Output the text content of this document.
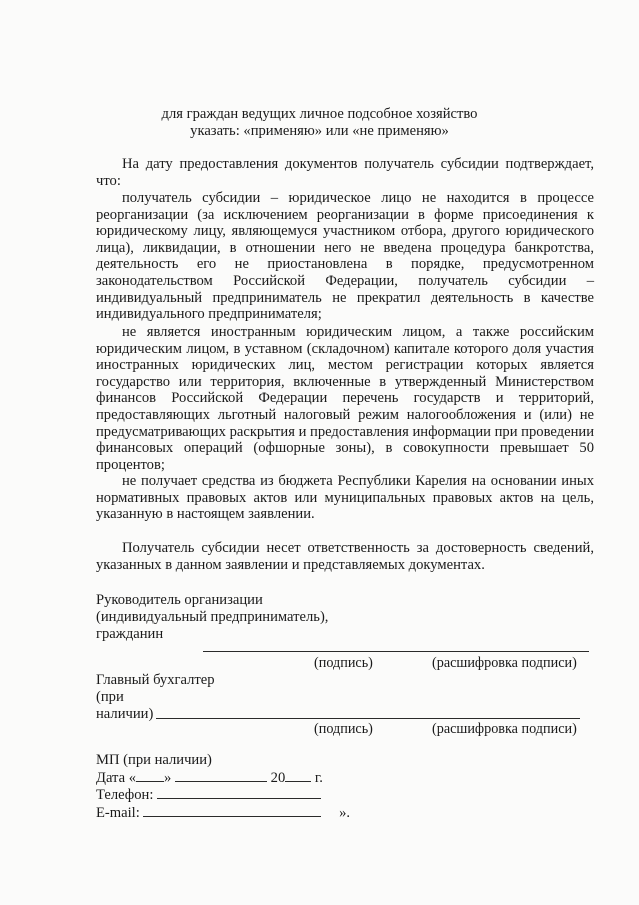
для граждан ведущих личное подсобное хозяйство
указать: «применяю» или «не применяю»
На дату предоставления документов получатель субсидии подтверждает, что:
получатель субсидии – юридическое лицо не находится в процессе реорганизации (за исключением реорганизации в форме присоединения к юридическому лицу, являющемуся участником отбора, другого юридического лица), ликвидации, в отношении него не введена процедура банкротства, деятельность его не приостановлена в порядке, предусмотренном законодательством Российской Федерации, получатель субсидии – индивидуальный предприниматель не прекратил деятельность в качестве индивидуального предпринимателя;
не является иностранным юридическим лицом, а также российским юридическим лицом, в уставном (складочном) капитале которого доля участия иностранных юридических лиц, местом регистрации которых является государство или территория, включенные в утвержденный Министерством финансов Российской Федерации перечень государств и территорий, предоставляющих льготный налоговый режим налогообложения и (или) не предусматривающих раскрытия и предоставления информации при проведении финансовых операций (офшорные зоны), в совокупности превышает 50 процентов;
не получает средства из бюджета Республики Карелия на основании иных нормативных правовых актов или муниципальных правовых актов на цель, указанную в настоящем заявлении.
Получатель субсидии несет ответственность за достоверность сведений, указанных в данном заявлении и представляемых документах.
Руководитель организации
(индивидуальный предприниматель),
гражданин
(подпись)	(расшифровка подписи)
Главный бухгалтер
(при
наличии)
(подпись)	(расшифровка подписи)
МП (при наличии)
Дата « »	20 г.
Телефон:
E-mail:	».
